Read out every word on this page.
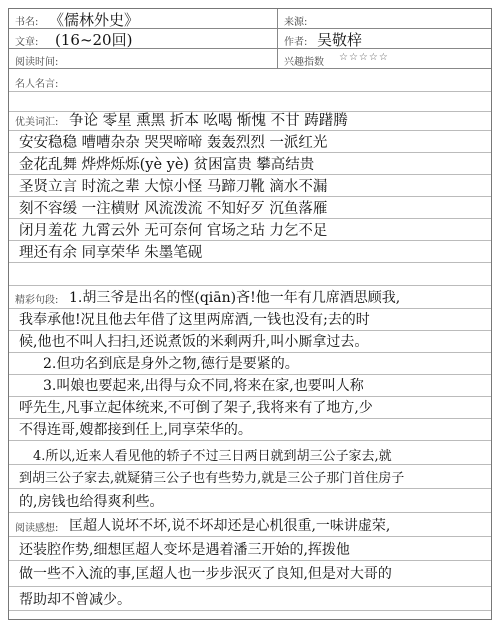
书名: 《儒林外史》	来源:
文章: (16~20回)	作者: 吴敬梓
阅读时间:	兴趣指数 ☆☆☆☆☆
名人名言:
优美词汇: 争论 零星 熏黑 折本 吆喝 惭愧 不甘 踌躇腾
安安稳稳 嘈嘈杂杂 哭哭啼啼 轰轰烈烈 一派红光
金花乱舞 烨烨烁烁(yè yè) 贫困富贵 攀高结贵
圣贤立言 时流之辈 大惊小怪 马蹄刀靴 滴水不漏
刻不容缓 一注横财 风流泼流 不知好歹 沉鱼落雁
闭月羞花 九霄云外 无可奈何 官场之玷 力乞不足
理还有余 同享荣华 朱墨笔砚
精彩句段: 1.胡三爷是出名的悭(qiān)吝!他一年有几席酒思顾我,
我奉承他!况且他去年借了这里两席酒,一钱也没有;去的时
候,他也不叫人扫扫,还说煮饭的米剩两升,叫小厮拿过去。
2.但功名到底是身外之物,德行是要紧的。
3.叫娘也要起来,出得与众不同,将来在家,也要叫人称
呼先生,凡事立起体统来,不可倒了架子,我将来有了地方,少
不得连哥,嫂都接到任上,同享荣华的。
4.所以,近来人看见他的轿子不过三日两日就到胡三公子家去,就
到胡三公子家去,就疑猜三公子也有些势力,就是三公子那门首住房子
的,房钱也给得爽利些。
阅读感想: 匡超人说坏不坏,说不坏却还是心机很重,一味讲虚荣,
还装腔作势,细想匡超人变坏是遇着潘三开始的,挥拨他
做一些不入流的事,匡超人也一步步泯灭了良知,但是对大哥的
帮助却不曾减少。
